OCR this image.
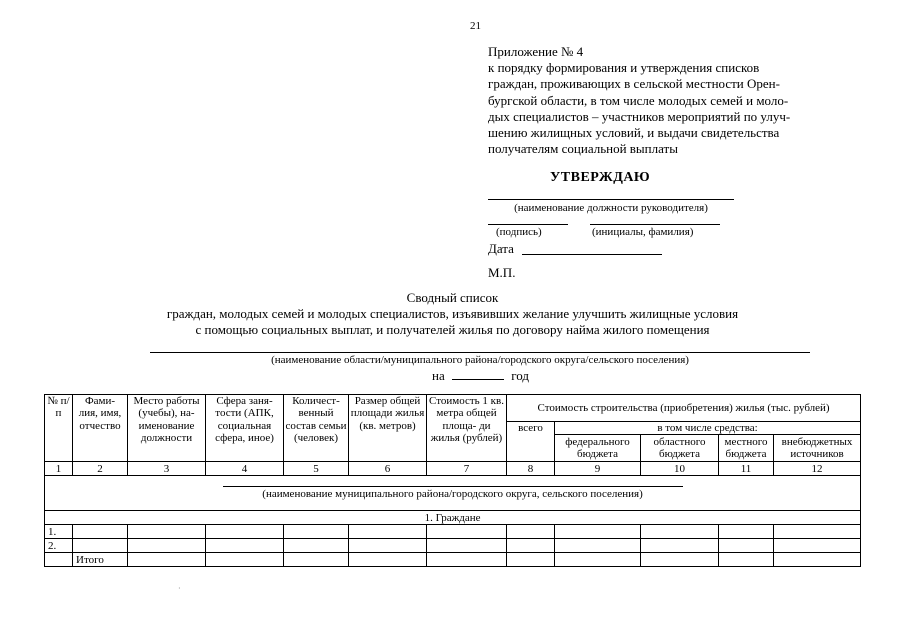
21
Приложение № 4
к порядку формирования и утверждения списков
граждан, проживающих в сельской местности Орен-
бургской области, в том числе молодых семей и моло-
дых специалистов – участников мероприятий по улуч-
шению жилищных условий, и выдачи свидетельства
получателям социальной выплаты
УТВЕРЖДАЮ
(наименование должности руководителя)
(подпись)	(инициалы, фамилия)
Дата
М.П.
Сводный список
граждан, молодых семей и молодых специалистов, изъявивших желание улучшить жилищные условия
с помощью социальных выплат, и получателей жилья по договору найма жилого помещения
(наименование области/муниципального района/городского округа/сельского поселения)
на	год
№ п/п	Фами- лия, имя, отчество	Место работы (учебы), на- именование должности	Сфера заня- тости (АПК, социальная сфера, иное)	Количест- венный состав семьи (человек)	Размер общей площади жилья (кв. метров)	Стоимость 1 кв. метра общей площа- ди жилья (рублей)	Стоимость строительства (приобретения) жилья (тыс. рублей)				
							всего	в том числе средства:			
								федерального бюджета	областного бюджета	местного бюджета	внебюджетных источников
1	2	3	4	5	6	7	8	9	10	11	12

(наименование муниципального района/городского округа, сельского поселения)											
1. Граждане											
1.											
2.											
	Итого										
·
